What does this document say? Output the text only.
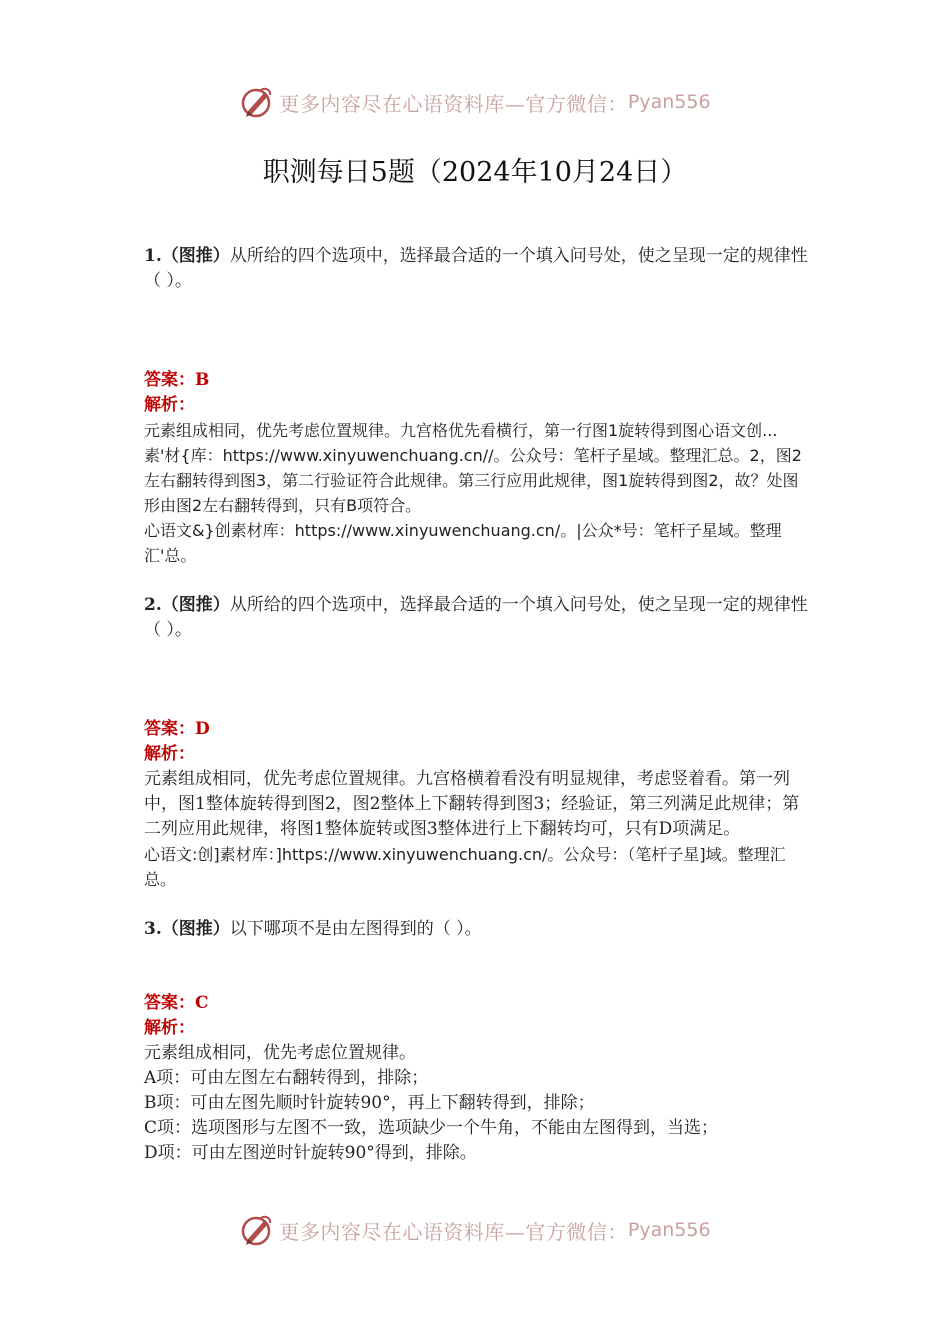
更多内容尽在心语资料库—官方微信： Pyan556
职测每日5题（2024年10月24日）

1.（图推）从所给的四个选项中，选择最合适的一个填入问号处，使之呈现一定的规律性（ ）。

答案：B

解析：

元素组成相同，优先考虑位置规律。九宫格优先看横行，第一行图1旋转得到图心语文创...素'材{库：https://www.xinyuwenchuang.cn//。公众号：笔杆子星域。整理汇总。2，图2左右翻转得到图3，第二行验证符合此规律。第三行应用此规律，图1旋转得到图2，故？处图形由图2左右翻转得到，只有B项符合。

心语文&}创素材库：https://www.xinyuwenchuang.cn/。|公众*号：笔杆子星域。整理汇'总。

2.（图推）从所给的四个选项中，选择最合适的一个填入问号处，使之呈现一定的规律性（ ）。

答案：D

解析：

元素组成相同，优先考虑位置规律。九宫格横着看没有明显规律，考虑竖着看。第一列中，图1整体旋转得到图2，图2整体上下翻转得到图3；经验证，第三列满足此规律；第二列应用此规律，将图1整体旋转或图3整体进行上下翻转均可，只有D项满足。

心语文:创]素材库：]https://www.xinyuwenchuang.cn/。公众号：（笔杆子星]域。整理汇总。

3.（图推）以下哪项不是由左图得到的（ ）。

答案：C

解析：

元素组成相同，优先考虑位置规律。

A项：可由左图左右翻转得到，排除；

B项：可由左图先顺时针旋转90°，再上下翻转得到，排除；

C项：选项图形与左图不一致，选项缺少一个牛角，不能由左图得到，当选；

D项：可由左图逆时针旋转90°得到，排除。

更多内容尽在心语资料库—官方微信： Pyan556
